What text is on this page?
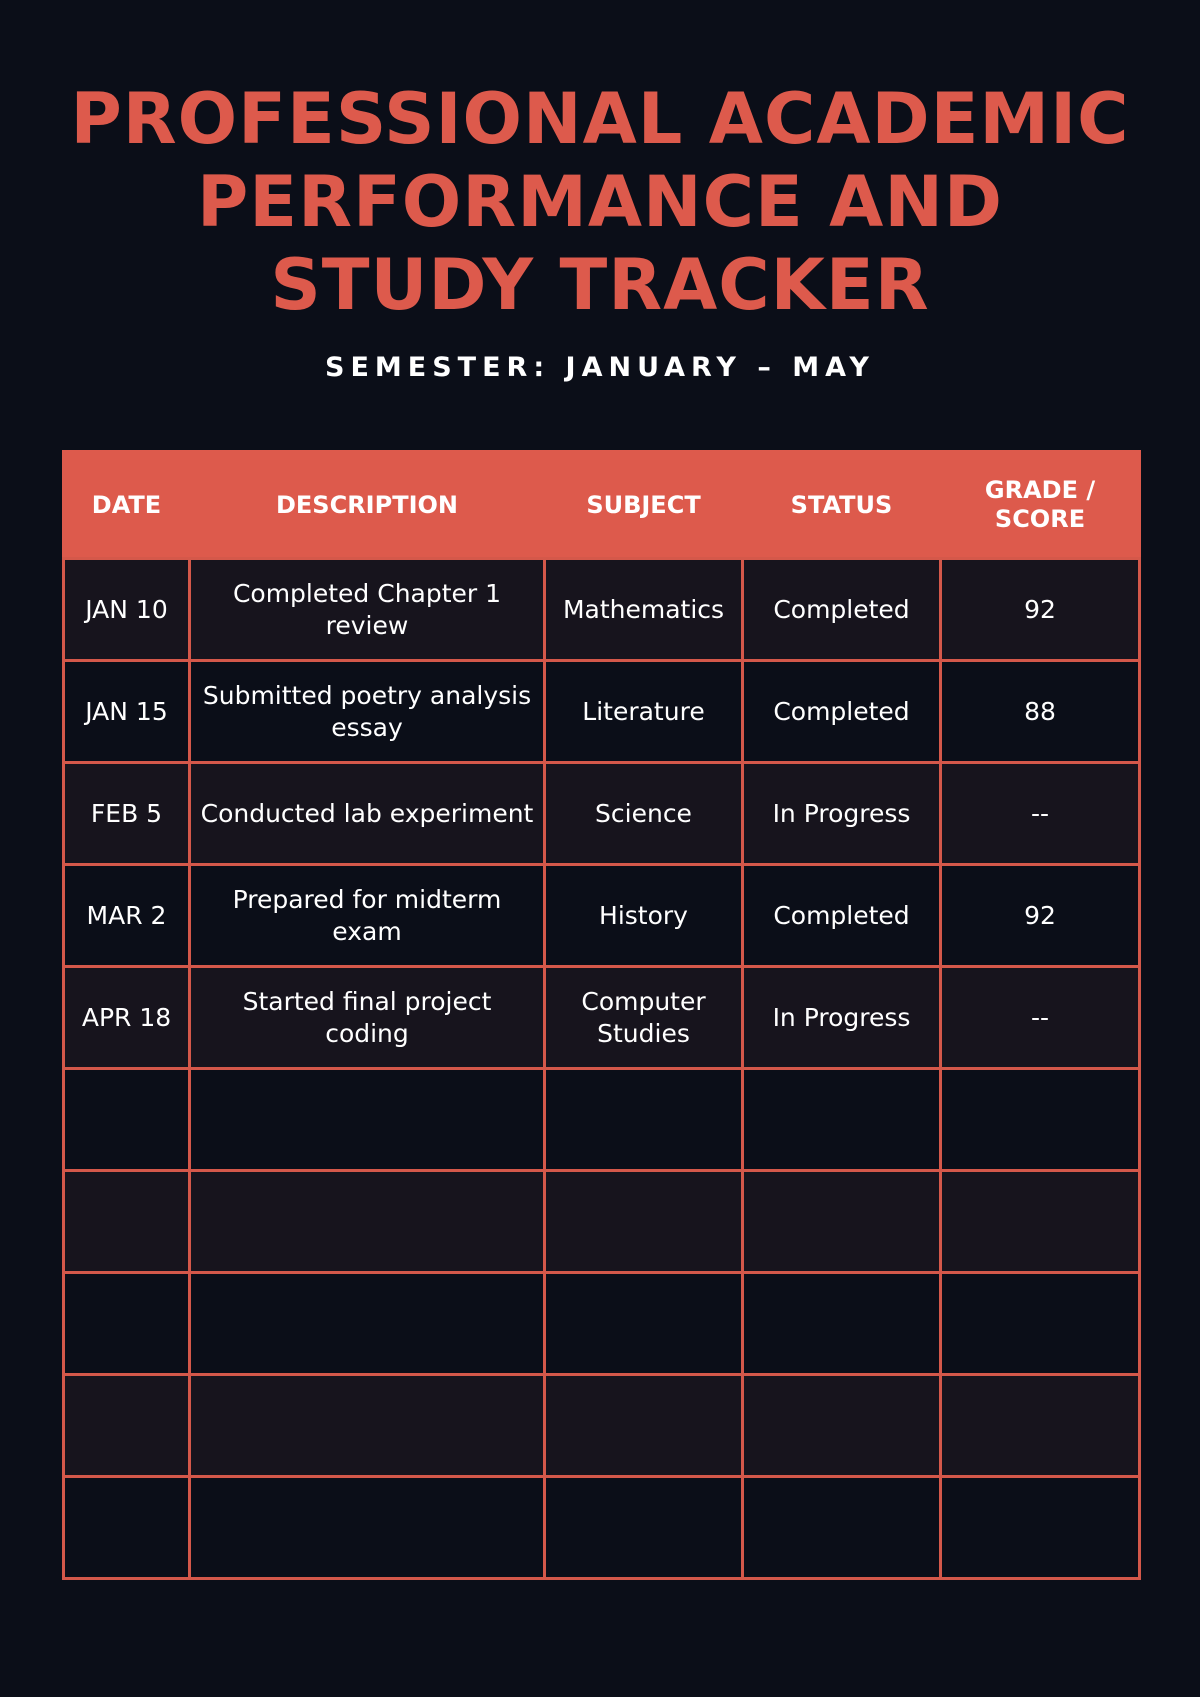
PROFESSIONAL ACADEMIC PERFORMANCE AND STUDY TRACKER
SEMESTER: JANUARY – MAY
DATE	DESCRIPTION	SUBJECT	STATUS	GRADE / SCORE
JAN 10	Completed Chapter 1 review	Mathematics	Completed	92
JAN 15	Submitted poetry analysis essay	Literature	Completed	88
FEB 5	Conducted lab experiment	Science	In Progress	--
MAR 2	Prepared for midterm exam	History	Completed	92
APR 18	Started final project coding	Computer Studies	In Progress	--
